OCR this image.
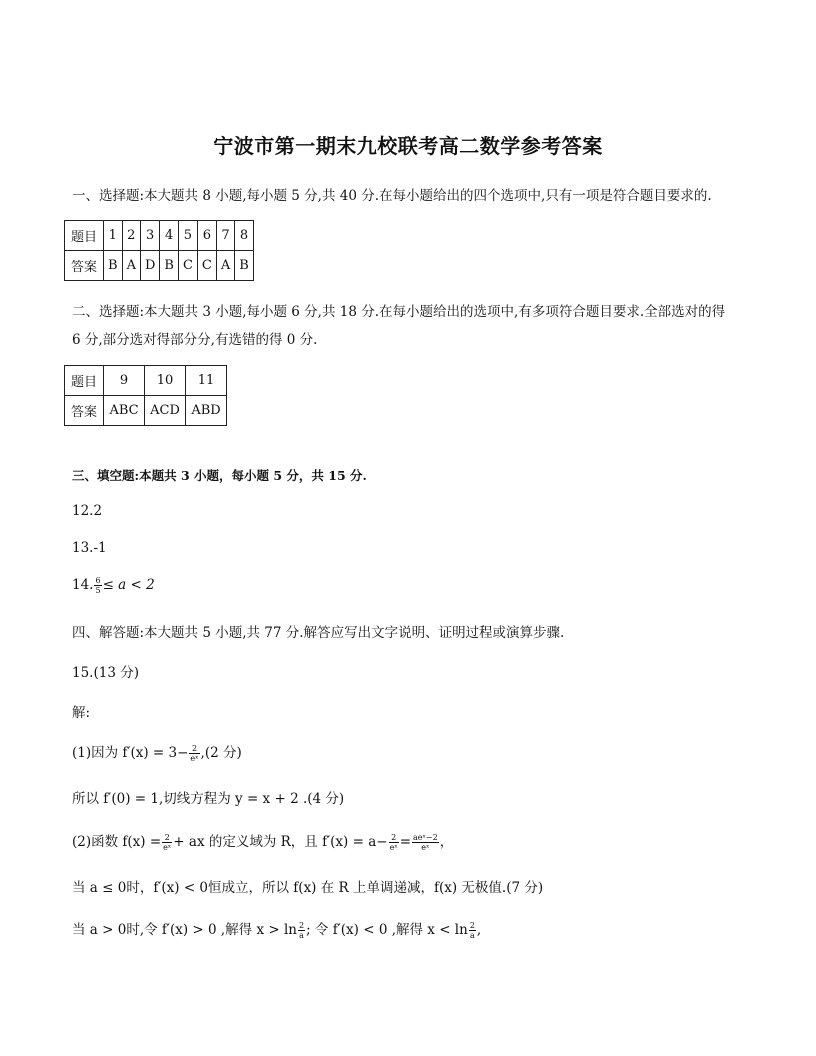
宁波市第一期末九校联考高二数学参考答案
一、选择题:本大题共 8 小题,每小题 5 分,共 40 分.在每小题给出的四个选项中,只有一项是符合题目要求的.
题目	1	2	3	4	5	6	7	8
答案	B	A	D	B	C	C	A	B
二、选择题:本大题共 3 小题,每小题 6 分,共 18 分.在每小题给出的选项中,有多项符合题目要求.全部选对的得
6 分,部分选对得部分分,有选错的得 0 分.
题目	9	10	11
答案	ABC	ACD	ABD
三、填空题:本题共 3 小题，每小题 5 分，共 15 分.
12.2
13.-1
14. $\frac{6}{5} \le a < 2$
四、解答题:本大题共 5 小题,共 77 分.解答应写出文字说明、证明过程或演算步骤.
15.(13 分)
解:
(1)因为 $f'(x) = 3- \frac{2}{\text{eˣ}} ,(2$ 分)
所以 f′(0) = 1,切线方程为 y = x + 2 .(4 分)
(2)函数 $f(x) = \frac{2}{\text{eˣ}}$ + ax 的定义域为 R，且 $f'(x) = a- \frac{2}{\text{eˣ}} = \frac{\text{aeˣ−2}}{\text{eˣ}}$ ，
当 a ≤ 0时，f′(x) < 0恒成立，所以 f(x) 在 R 上单调递减，f(x) 无极值.(7 分)
当 a > 0时,令 f′(x) > 0 ,解得 $x > \ln \frac{2}{a}$ ; 令 f′(x) < 0 ,解得 $x < \ln \frac{2}{a}$ ,
